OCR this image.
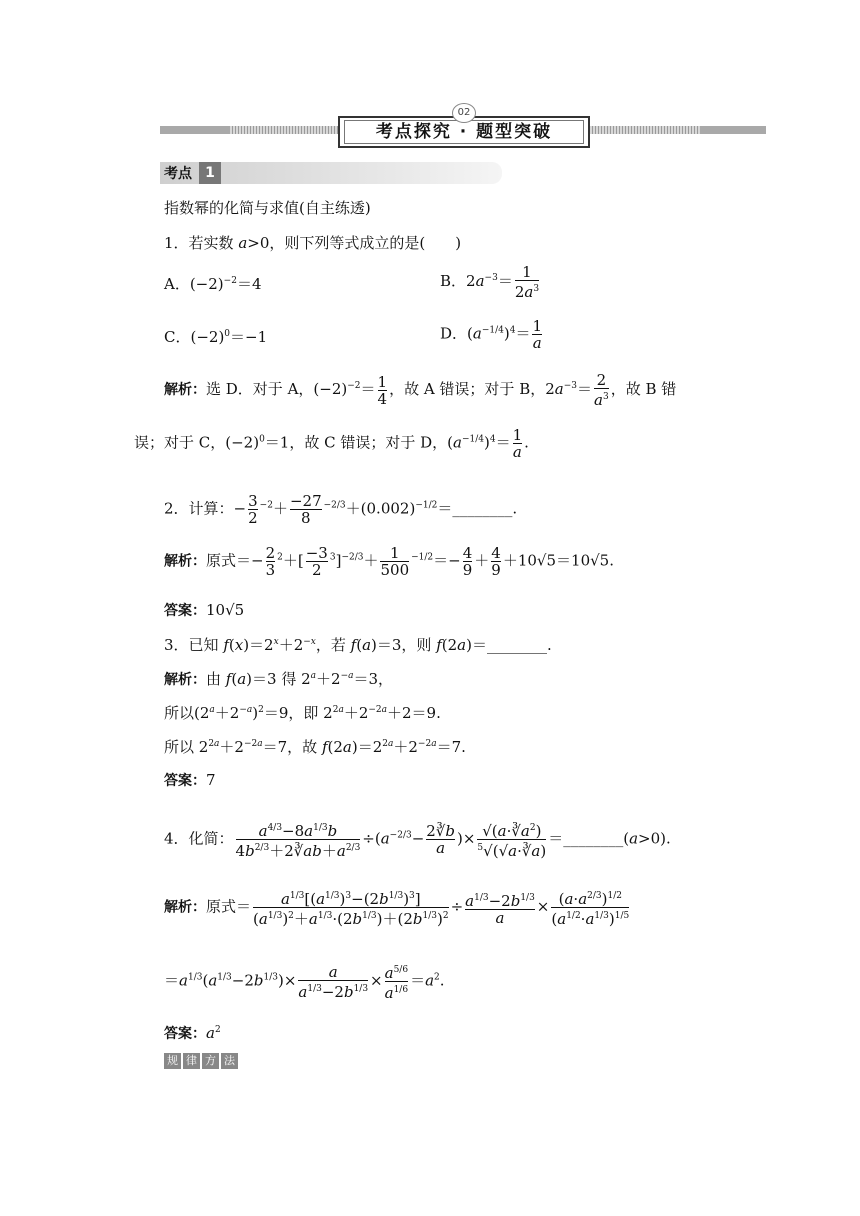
02
考点探究 · 题型突破
考点 1
指数幂的化简与求值(自主练透)
1．若实数 a>0，则下列等式成立的是(　　)
A．$(-2)^{-2}=4$	B．$2a^{-3}= \frac{1}{2a^3}$
C．$(-2)^0=-1$	D．$(a^{-1/4})^4= \frac{1}{a}$
解析：选 D．对于 A，$(-2)^{-2}= \frac{1}{4}$ ，故 A 错误；对于 B，$2a^{-3}= \frac{2}{a^3}$ ，故 B 错
误；对于 C，$(-2)^0=1$，故 C 错误；对于 D，$(a^{-1/4})^4= \frac{1}{a}$ .
2．计算：− $\frac{3}{2} ^{-2}+ \frac{-27}{8}$ $^{-2/3}+(0.002)^{-1/2}=\_\_\_\_\_\_\_\_$.
解析：原式＝− $\frac{2}{3} ^2+[ \frac{-3}{2} ^3]^{-2/3}+ \frac{1}{500} ^{-1/2}=- \frac{4}{9} + \frac{4}{9} +10√5=10√5$.
答案：10√5
3．已知 $f(x)=2^x+2^{-x}$，若 f(a)＝3，则 f(2a)＝________.
解析：由 f(a)＝3 得 $2^a+2^{-a}=3$，
所以$(2^a+2^{-a})^2=9$，即 $2^{2a}+2^{-2a}+2=9$.
所以 $2^{2a}+2^{-2a}=7$，故 $f(2a)=2^{2a}+2^{-2a}=7$.
答案：7
4．化简： $\frac{a^{4/3}-8a^{1/3}b}{4b^{2/3}+2∛ab+a^{2/3}} \div(a^{-2/3}- \frac{2∛b}{a}$ )× $\frac{√(a\cdot∛a^2)}{^5√(√a\cdot∛a)}$ ＝________(a>0).
解析：原式＝ $\frac{a^{1/3}[(a^{1/3})^3-(2b^{1/3})^3]}{(a^{1/3})^2+a^{1/3}\cdot(2b^{1/3})+(2b^{1/3})^2} \div \frac{a^{1/3}-2b^{1/3}}{a} \times \frac{(a\cdot a^{2/3})^{1/2}}{(a^{1/2}\cdot a^{1/3})^{1/5}}$
$=a^{1/3}(a^{1/3}-2b^{1/3})\times \frac{a}{a^{1/3}-2b^{1/3}} \times \frac{a^{5/6}}{a^{1/6}} =a^2$.
答案：$a^2$
规 律 方 法
